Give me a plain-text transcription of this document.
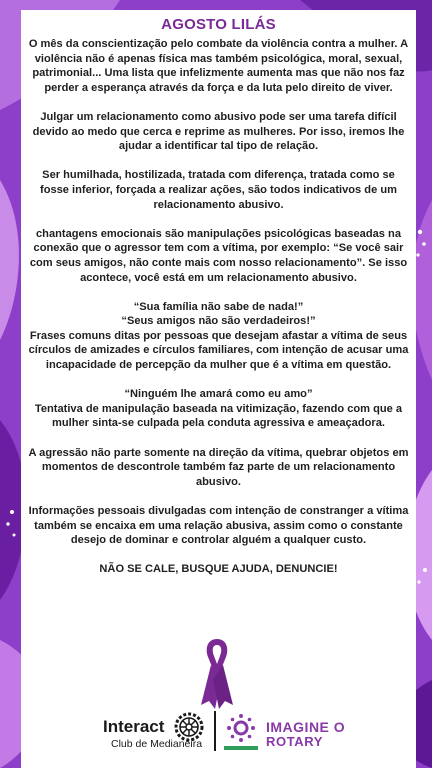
AGOSTO LILÁS

O mês da conscientização pelo combate da violência contra a mulher. A violência não é apenas física mas também psicológica, moral, sexual, patrimonial... Uma lista que infelizmente aumenta mas que não nos faz perder a esperança através da força e da luta pelo direito de viver.

Julgar um relacionamento como abusivo pode ser uma tarefa difícil devido ao medo que cerca e reprime as mulheres. Por isso, iremos lhe ajudar a identificar tal tipo de relação.

Ser humilhada, hostilizada, tratada com diferença, tratada como se fosse inferior, forçada a realizar ações, são todos indicativos de um relacionamento abusivo.

chantagens emocionais são manipulações psicológicas baseadas na conexão que o agressor tem com a vítima, por exemplo: “Se você sair com seus amigos, não conte mais com nosso relacionamento”. Se isso acontece, você está em um relacionamento abusivo.

“Sua família não sabe de nada!”

“Seus amigos não são verdadeiros!”

Frases comuns ditas por pessoas que desejam afastar a vítima de seus círculos de amizades e círculos familiares, com intenção de acusar uma incapacidade de percepção da mulher que é a vítima em questão.

“Ninguém lhe amará como eu amo”

Tentativa de manipulação baseada na vitimização, fazendo com que a mulher sinta-se culpada pela conduta agressiva e ameaçadora.

A agressão não parte somente na direção da vítima, quebrar objetos em momentos de descontrole também faz parte de um relacionamento abusivo.

Informações pessoais divulgadas com intenção de constranger a vítima também se encaixa em uma relação abusiva, assim como o constante desejo de dominar e controlar alguém a qualquer custo.

NÃO SE CALE, BUSQUE AJUDA, DENUNCIE!

Interact
Club de Medianeira
IMAGINE O
ROTARY
